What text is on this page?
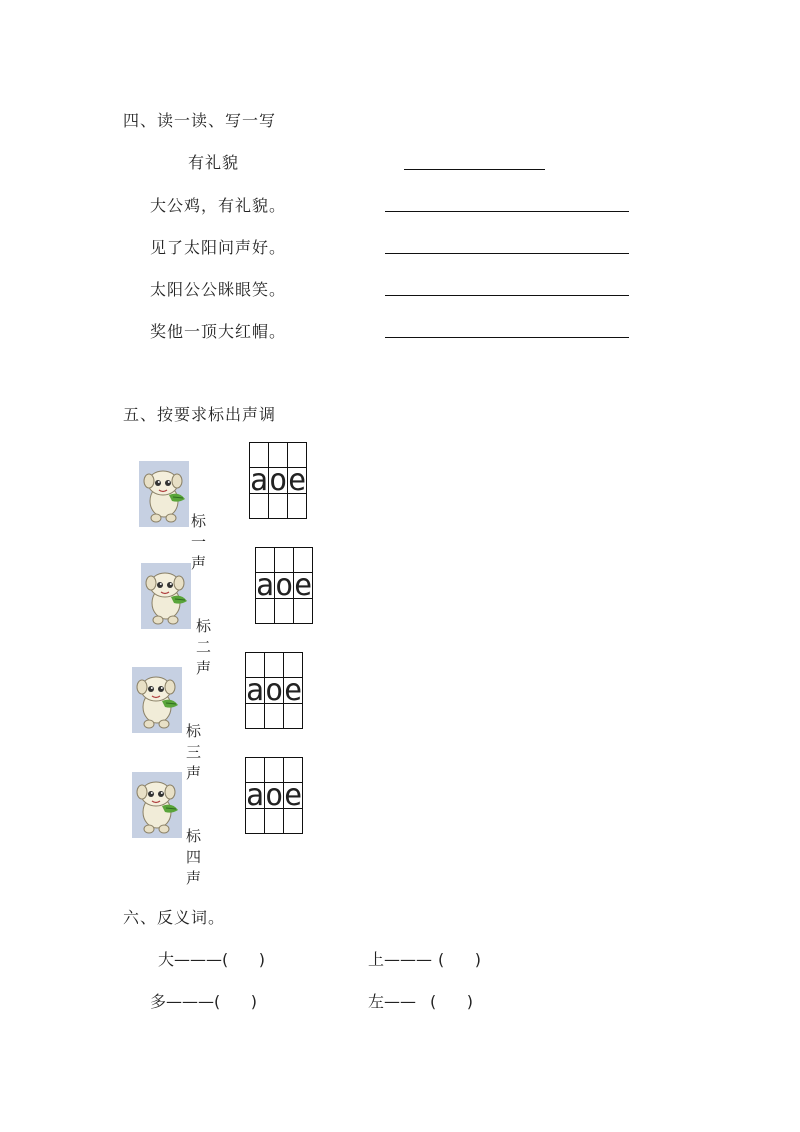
四、读一读、写一写
有礼貌
大公鸡，有礼貌。
见了太阳问声好。
太阳公公眯眼笑。
奖他一顶大红帽。
五、按要求标出声调
标一声

a	o	e

标二声

a	o	e

标三声

a	o	e

标四声

a	o	e

六、反义词。
大———(      )	上——— (      )
多———(      )	左—— (      )
